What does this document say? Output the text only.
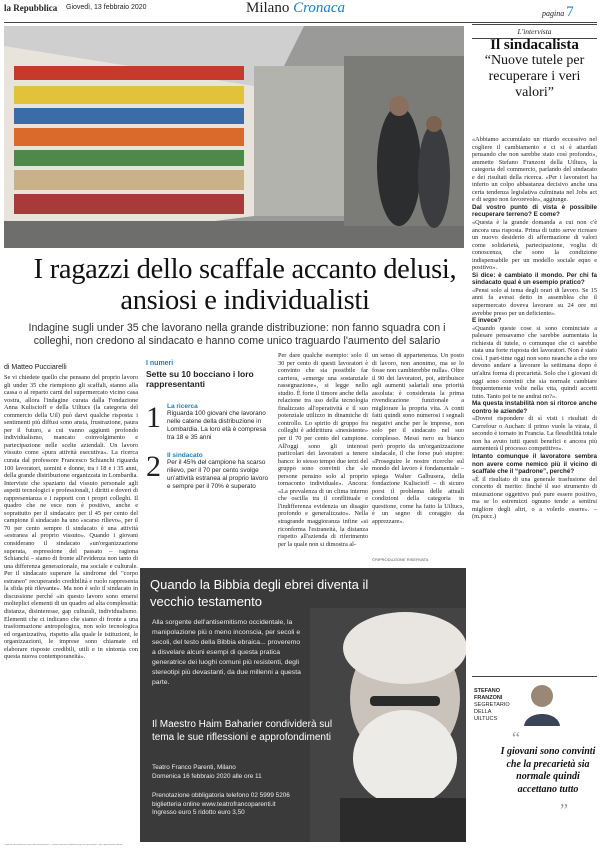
la Repubblica Giovedì, 13 febbraio 2020	Milano Cronaca	pagina 7
I ragazzi dello scaffale accanto delusi, ansiosi e individualisti
Indagine sugli under 35 che lavorano nella grande distribuzione: non fanno squadra con i colleghi, non credono al sindacato e hanno come unico traguardo l'aumento del salario
di Matteo Pucciarelli
Se vi chiedete quello che pensano del proprio lavoro gli under 35 che riempiono gli scaffali, stanno alla cassa o al reparto carni del supermercato vicino casa vostra, allora l'indagine curata dalla Fondazione Anna Kuliscioff e della Uiltucs (la categoria del commercio della Uil) può darvi qualche risposta: i sentimenti più diffusi sono ansia, frustrazione, paura per il futuro, a cui vanno aggiunti profondo individualismo, mancato coinvolgimento e partecipazione nelle scelte aziendali. Un lavoro vissuto come «pura attività esecutiva». La ricerca curata dal professore Francesco Schianchi riguarda 100 lavoratori, uomini e donne, tra i 18 e i 35 anni, della grande distribuzione organizzata in Lombardia. Interviste che spaziano dal vissuto personale agli aspetti tecnologici e professionali, i diritti e doveri di rappresentanza e i rapporti con i propri colleghi. Il quadro che ne esce non è positivo, anche e soprattutto per il sindacato: per il 45 per cento del campione il sindacato ha uno «scarso rilievo», per il 70 per cento sempre il sindacato è una attività «estranea al proprio vissuto». Quando i giovani considerano il sindacato «un'organizzazione superata, espressione del passato – ragiona Schianchi – siamo di fronte all'evidenza non tanto di una differenza generazionale, ma sociale e culturale. Per il sindacato superare la sindrome del "corpo estraneo" recuperando credibilità e ruolo rappresenta la sfida più rilevante». Ma non è solo il sindacato in discussione perché «in questo lavoro sono emersi molteplici elementi di un quadro ad alta complessità: distanza, disinteresse, gap culturali, individualismo. Elementi che ci indicano che siamo di fronte a una trasformazione antropologica, non solo tecnologica ed organizzativa, rispetto alla quale le istituzioni, le organizzazioni, le imprese sono chiamate ed elaborare risposte credibili, utili e in sintonia con questa nuova contemporaneità».
I numeri
Sette su 10 bocciano i loro rappresentanti
1 La ricerca
Riguarda 100 giovani che lavorano nelle catene della distribuzione in Lombardia. La loro età è compresa tra 18 e 35 anni
2 Il sindacato
Per il 45% del campione ha scarso rilievo, per il 70 per cento svolge un'attività estranea al proprio lavoro e sempre per il 70% è superato
Per dare qualche esempio: solo il 30 per cento di questi lavoratori è convinto che sia possibile far carriera, «emerge una sostanziale rassegnazione», si legge nello studio. È forte il timore anche della relazione tra uso della tecnologia finalizzato all'operatività e il suo potenziale utilizzo in dinamiche di controllo. Lo spirito di gruppo fra colleghi è addirittura «inesistente» per il 70 per cento del campione. All'oggi sono gli interessi particolari dei lavoratori a tenere banco: lo stesso tempo due terzi del gruppo sono convinti che «le persone pensino solo al proprio tornaconto individuale». Ancora: «La prevalenza di un clima interno che oscilla tra il conflittuale e l'indifferenza evidenzia un disagio profondo e generalizzato». Nella stragrande maggioranza infine «si riconferma l'estraneità, la distanza rispetto all'azienda di riferimento per la quale non si dimostra al-
un senso di appartenenza. Un posto di lavoro, non anonimo, ma se lo fosse non cambierebbe nulla». Oltre il 90 dei lavoratori, poi, attribuisce agli aumenti salariali una priorità assoluta: è considerata la prima rivendicazione funzionale a migliorare la propria vita. A conti fatti quindi sono numerosi i segnali negativi anche per le imprese, non solo per il sindacato nel suo complesso. Messi nero su bianco però proprio da un'organizzazione sindacale, il che forse può stupire: «Proseguire le nostre ricerche sul mondo del lavoro è fondamentale – spiega Walter Galbusera, della fondazione Kuliscioff – di sicuro porsi il problema delle attuali condizioni della categoria in questione, come ha fatto la Uiltucs, è un segno di coraggio da apprezzare».
©RIPRODUZIONE RISERVATA
Quando la Bibbia degli ebrei diventa il vecchio testamento
Alla sorgente dell'antisemitismo occidentale, la manipolazione più o meno inconscia, per secoli e secoli, del testo della Bibbia ebraica... proveremo a disvelare alcuni esempi di questa pratica generatrice dei luoghi comuni più resistenti, degli stereotipi più devastanti, da due millenni a questa parte.
Il Maestro Haim Baharier condividerà sul tema le sue riflessioni e approfondimenti
Teatro Franco Parenti, Milano
Domenica 16 febbraio 2020 alle ore 11
Prenotazione obbligatoria telefono 02 5999 5206
biglietteria online www.teatrofrancoparenti.it
Ingresso euro 5 ridotto euro 3,50
L'intervista
Il sindacalista
“Nuove tutele per recuperare i veri valori”

«Abbiamo accumulato un ritardo eccessivo nel cogliere il cambiamento e ci si è attardati pensando che non sarebbe stato così profondo», ammette Stefano Franzoni della Uiltucs, la categoria del commercio, parlando del sindacato e dei risultati della ricerca. «Per i lavoratori ha inferto un colpo abbastanza decisivo anche una certa tendenza legislativa culminata nel Jobs act e di segno non favorevole», aggiunge.

Dal vostro punto di vista è possibile recuperare terreno? E come?

«Questa è la grande domanda a cui non c'è ancora una risposta. Prima di tutto serve ricreare un nuovo desiderio di affermazione di valori come solidarietà, partecipazione, voglia di conoscenza, che sono la condizione indispensabile per un modello sociale equo e positivo».

Si dice: è cambiato il mondo. Per chi fa sindacato qual è un esempio pratico?

«Pensi solo al tema degli orari di lavoro. Se 15 anni fa avessi detto in assemblea che il supermercato doveva lavorare su 24 ore mi avrebbe preso per un deficiente».

E invece?

«Quando queste cose si sono cominciate a palesare pensavamo che sarebbe aumentata la richiesta di tutele, o comunque che ci sarebbe stata una forte risposta dei lavoratori. Non è stato così. I part-time oggi non sono neanche a che ore devono andare a lavorare la settimana dopo è un'altra forma di precarietà. Solo che i giovani di oggi sono convinti che sia normale cambiare frequentemente volte nella vita, quindi accetti tutto. Tanto poi te ne andrai no?».

Ma questa instabilità non si ritorce anche contro le aziende?

«Dovrei rispondere di sì visti i risultati di Carrefour o Auchan: il primo vuole la virata, il secondo è tornato in Francia. La flessibilità totale non ha avuto tutti questi benefici e ancora più aumenterà il processo competitivo».

Intanto comunque il lavoratore sembra non avere come nemico più il vicino di scaffale che il “padrone”, perché?

«È il risultato di una generale trasfusione del concetto di merito: finché il suo strumento di misurazione oggettivo può pure essere positivo, ma se lo estremizzi ognuno tende a sentirsi migliore degli altri, o a volerlo essere». –(m.pucc.)

STEFANO FRANZONI
SEGRETARIO DELLA UILTUCS
“
I giovani sono convinti che la precarietà sia normale quindi accettano tutto
”
Copia di 9b5c9cb8b3cc1c01a2d7c4bcf6bfa2e6 - Questo articolo è pubblicato per uso personale. Ogni riproduzione vietata.
